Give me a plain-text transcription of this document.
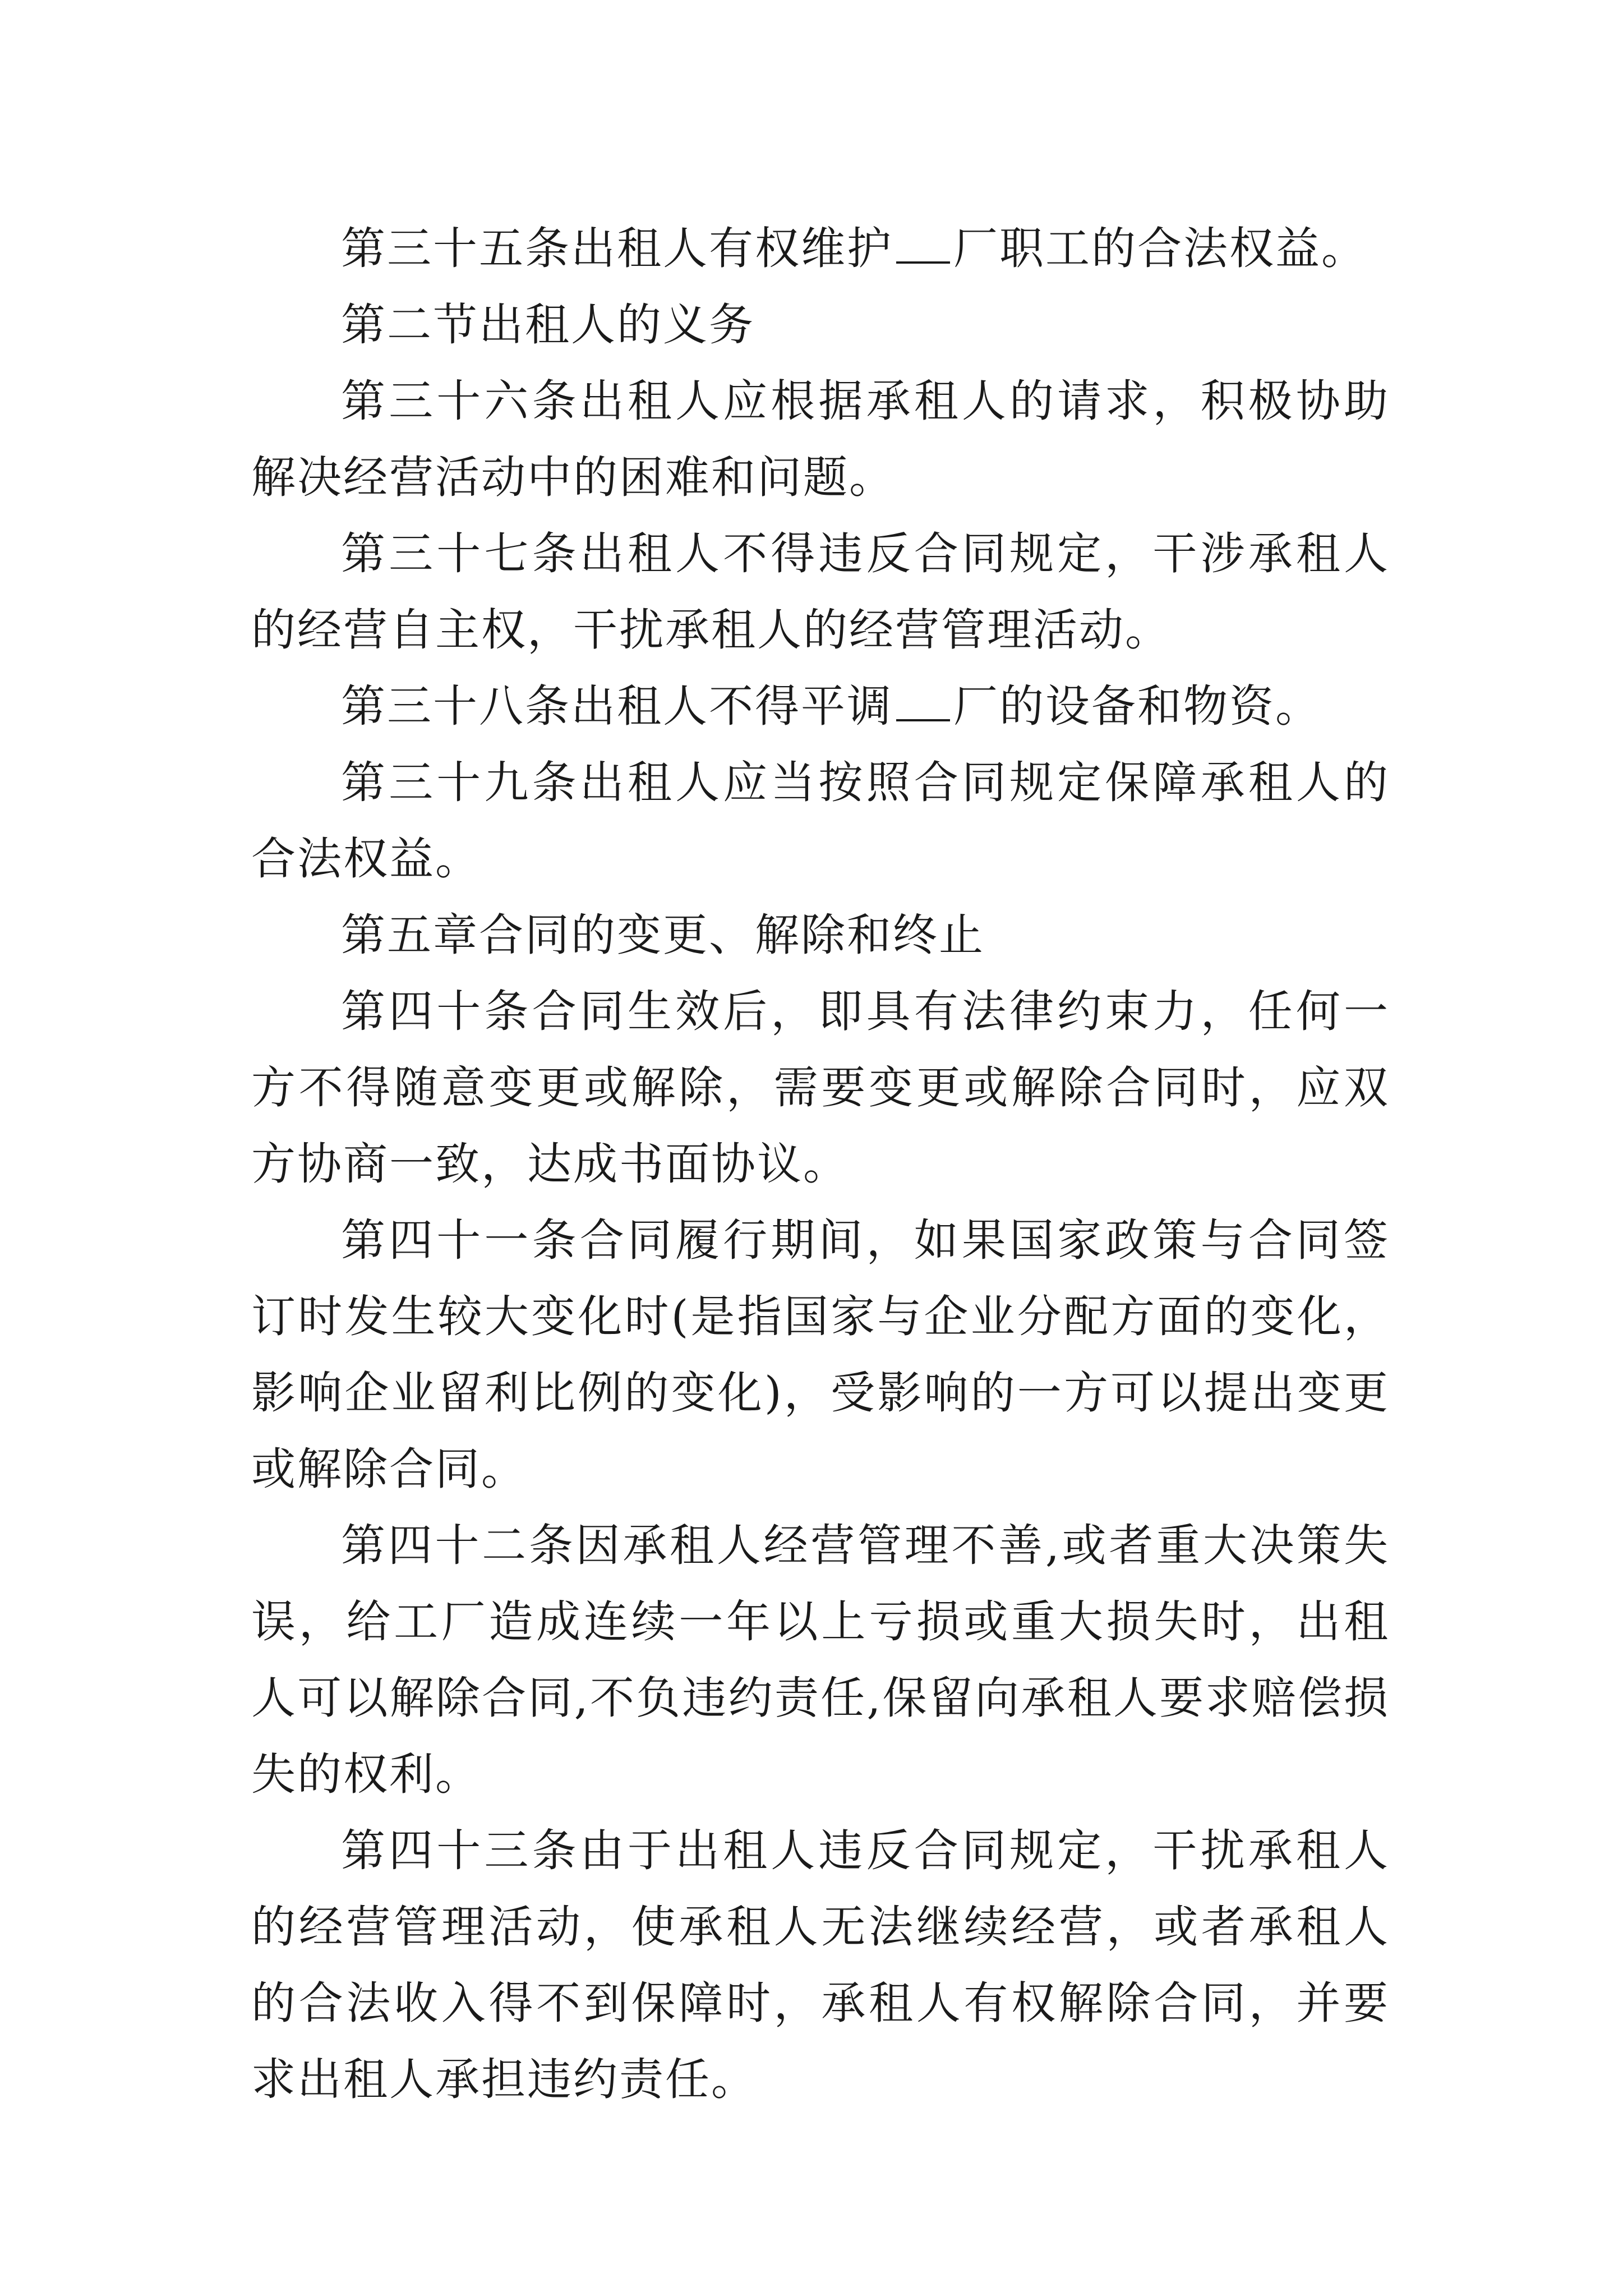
第三十五条出租人有权维护 厂职工的合法权益。

第二节出租人的义务

第三十六条出租人应根据承租人的请求，积极协助解决经营活动中的困难和问题。

第三十七条出租人不得违反合同规定，干涉承租人的经营自主权，干扰承租人的经营管理活动。

第三十八条出租人不得平调 厂的设备和物资。

第三十九条出租人应当按照合同规定保障承租人的合法权益。

第五章合同的变更、解除和终止

第四十条合同生效后，即具有法律约束力，任何一方不得随意变更或解除，需要变更或解除合同时，应双方协商一致，达成书面协议。

第四十一条合同履行期间，如果国家政策与合同签订时发生较大变化时(是指国家与企业分配方面的变化，影响企业留利比例的变化)，受影响的一方可以提出变更或解除合同。

第四十二条因承租人经营管理不善,或者重大决策失误，给工厂造成连续一年以上亏损或重大损失时，出租人可以解除合同,不负违约责任,保留向承租人要求赔偿损失的权利。

第四十三条由于出租人违反合同规定，干扰承租人的经营管理活动，使承租人无法继续经营，或者承租人的合法收入得不到保障时，承租人有权解除合同，并要求出租人承担违约责任。
